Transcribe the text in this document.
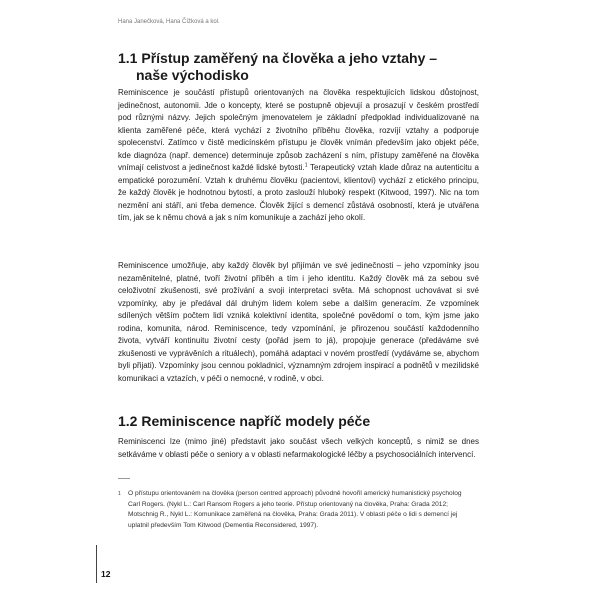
Hana Janečková, Hana Čížková a kol.
1.1 Přístup zaměřený na člověka a jeho vztahy –
naše východisko
Reminiscence je součástí přístupů orientovaných na člověka respektujících lidskou důstojnost, jedinečnost, autonomii. Jde o koncepty, které se postupně objevují a prosazují v českém prostředí pod různými názvy. Jejich společným jmenovatelem je základní předpoklad individualizované na klienta zaměřené péče, která vychází z životního příběhu člověka, rozvíjí vztahy a podporuje spolecenství. Zatímco v čistě medicínském přístupu je člověk vnímán především jako objekt péče, kde diagnóza (např. demence) determinuje způsob zacházení s ním, přístupy zaměřené na člověka vnímají celistvost a jedinečnost každé lidské bytosti.$^1$ Terapeutický vztah klade důraz na autenticitu a empatické porozumění. Vztah k druhému člověku (pacientovi, klientovi) vychází z etického principu, že každý člověk je hodnotnou bytostí, a proto zaslouží hluboký respekt (Kitwood, 1997). Nic na tom nezmění ani stáří, ani třeba demence. Člověk žijící s demencí zůstává osobností, která je utvářena tím, jak se k němu chová a jak s ním komunikuje a zachází jeho okolí.
Reminiscence umožňuje, aby každý člověk byl přijímán ve své jedinečnosti – jeho vzpomínky jsou nezaměnitelné, platné, tvoří životní příběh a tím i jeho identitu. Každý člověk má za sebou své celoživotní zkušenosti, své prožívání a svoji interpretaci světa. Má schopnost uchovávat si své vzpomínky, aby je předával dál druhým lidem kolem sebe a dalším generacím. Ze vzpomínek sdílených větším počtem lidí vzniká kolektivní identita, společné povědomí o tom, kým jsme jako rodina, komunita, národ. Reminiscence, tedy vzpomínání, je přirozenou součástí každodenního života, vytváří kontinuitu životní cesty (pořád jsem to já), propojuje generace (předáváme své zkušenosti ve vyprávěních a rituálech), pomáhá adaptaci v novém prostředí (vydáváme se, abychom byli přijati). Vzpomínky jsou cennou pokladnicí, významným zdrojem inspirací a podnětů v mezilidské komunikaci a vztazích, v péči o nemocné, v rodině, v obci.
1.2 Reminiscence napříč modely péče
Reminiscenci lze (mimo jiné) představit jako součást všech velkých konceptů, s nimiž se dnes setkáváme v oblasti péče o seniory a v oblasti nefarmakologické léčby a psychosociálních intervencí.
1 O přístupu orientovaném na člověka (person centred approach) původně hovořil americký humanistický psycholog Carl Rogers. (Nykl L.: Carl Ransom Rogers a jeho teorie. Přístup orientovaný na člověka, Praha: Grada 2012; Motschnig R., Nykl L.: Komunikace zaměřená na člověka, Praha: Grada 2011). V oblasti péče o lidi s demencí jej uplatnil především Tom Kitwood (Dementia Reconsidered, 1997).
12
